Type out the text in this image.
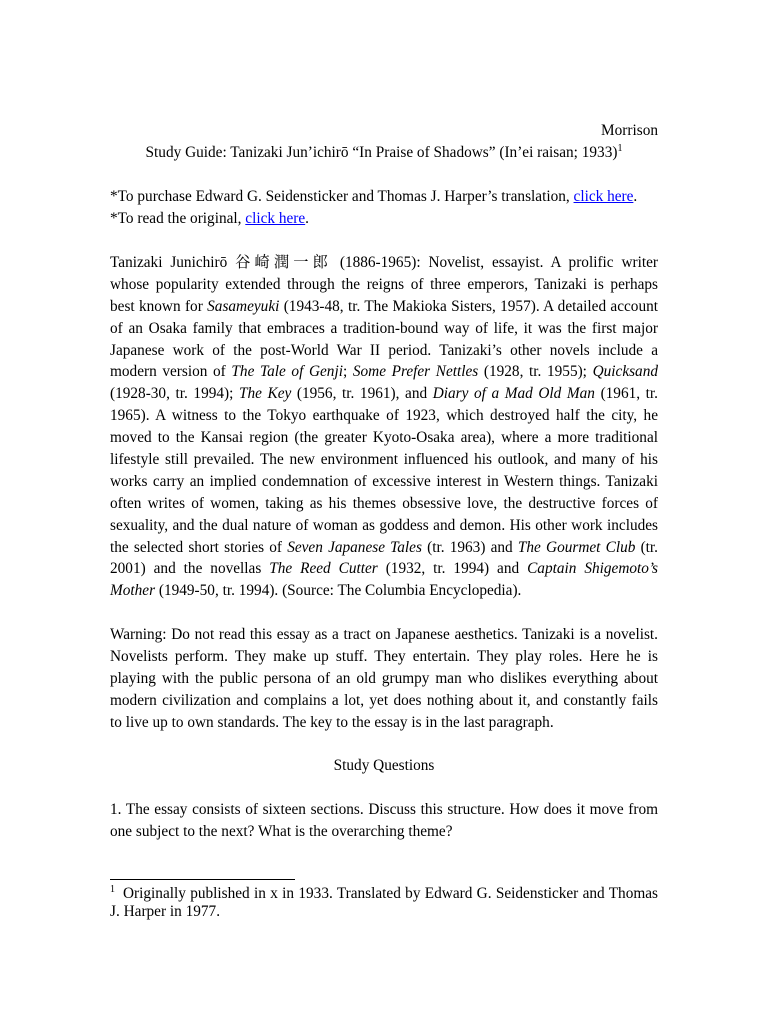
Morrison
Study Guide: Tanizaki Jun’ichirō “In Praise of Shadows” (In’ei raisan; 1933)$^1$
*To purchase Edward G. Seidensticker and Thomas J. Harper’s translation, click here.
*To read the original, click here.
Tanizaki Junichirō 谷崎潤一郎 (1886-1965): Novelist, essayist. A prolific writer
whose popularity extended through the reigns of three emperors, Tanizaki is perhaps
best known for Sasameyuki (1943-48, tr. The Makioka Sisters, 1957). A detailed account
of an Osaka family that embraces a tradition-bound way of life, it was the first major
Japanese work of the post-World War II period. Tanizaki’s other novels include a
modern version of The Tale of Genji; Some Prefer Nettles (1928, tr. 1955); Quicksand
(1928-30, tr. 1994); The Key (1956, tr. 1961), and Diary of a Mad Old Man (1961, tr.
1965). A witness to the Tokyo earthquake of 1923, which destroyed half the city, he
moved to the Kansai region (the greater Kyoto-Osaka area), where a more traditional
lifestyle still prevailed. The new environment influenced his outlook, and many of his
works carry an implied condemnation of excessive interest in Western things. Tanizaki
often writes of women, taking as his themes obsessive love, the destructive forces of
sexuality, and the dual nature of woman as goddess and demon. His other work includes
the selected short stories of Seven Japanese Tales (tr. 1963) and The Gourmet Club (tr.
2001) and the novellas The Reed Cutter (1932, tr. 1994) and Captain Shigemoto’s
Mother (1949-50, tr. 1994). (Source: The Columbia Encyclopedia).
Warning: Do not read this essay as a tract on Japanese aesthetics. Tanizaki is a novelist.
Novelists perform. They make up stuff. They entertain. They play roles. Here he is
playing with the public persona of an old grumpy man who dislikes everything about
modern civilization and complains a lot, yet does nothing about it, and constantly fails
to live up to own standards. The key to the essay is in the last paragraph.
Study Questions
1. The essay consists of sixteen sections. Discuss this structure. How does it move from
one subject to the next? What is the overarching theme?
1 Originally published in x in 1933. Translated by Edward G. Seidensticker and Thomas
J. Harper in 1977.
